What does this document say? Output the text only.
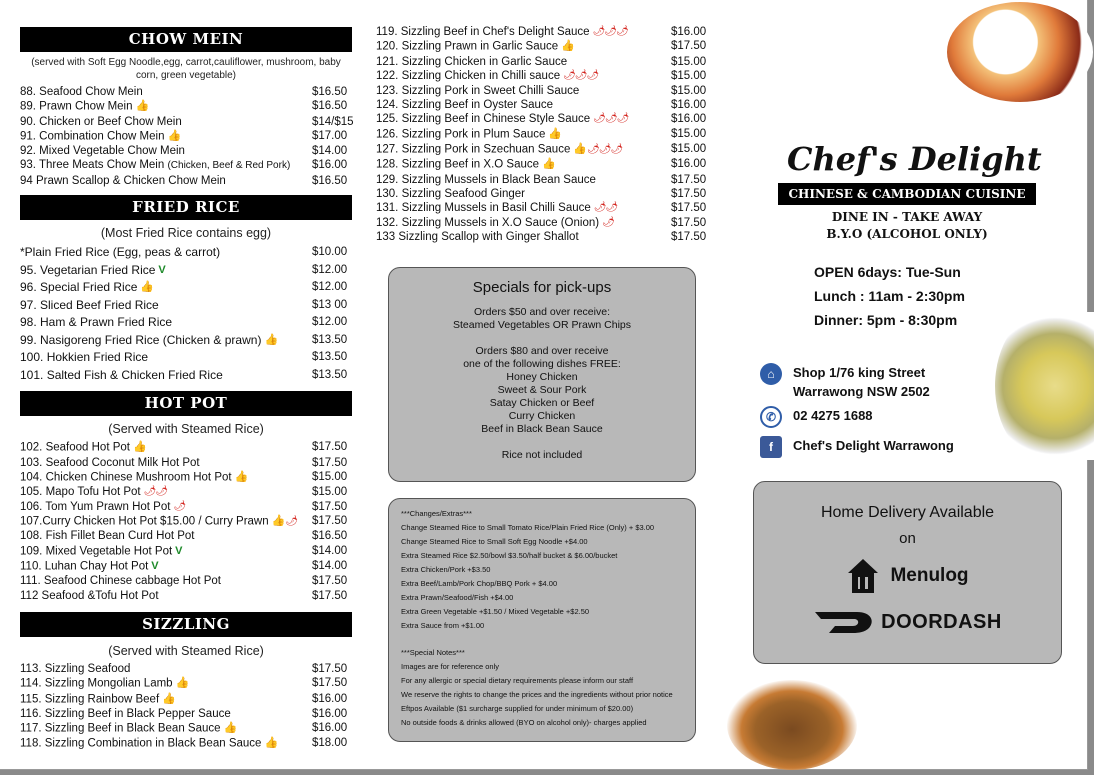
CHOW MEIN
(served with Soft Egg Noodle,egg, carrot,cauliflower, mushroom, baby corn, green vegetable)
88. Seafood Chow Mein	$16.50
89. Prawn Chow Mein 👍	$16.50
90. Chicken or Beef Chow Mein	$14/$15
91. Combination Chow Mein 👍	$17.00
92. Mixed Vegetable Chow Mein	$14.00
93. Three Meats Chow Mein (Chicken, Beef & Red Pork) $16.00
94 Prawn Scallop & Chicken Chow Mein	$16.50
FRIED RICE
(Most Fried Rice contains egg)
*Plain Fried Rice (Egg, peas & carrot)	$10.00
95. Vegetarian Fried Rice V	$12.00
96. Special Fried Rice 👍	$12.00
97. Sliced Beef Fried Rice	$13 00
98. Ham & Prawn Fried Rice	$12.00
99. Nasigoreng Fried Rice (Chicken & prawn) 👍	$13.50
100. Hokkien Fried Rice	$13.50
101. Salted Fish & Chicken Fried Rice	$13.50
HOT POT
(Served with Steamed Rice)
102. Seafood Hot Pot 👍	$17.50
103. Seafood Coconut Milk Hot Pot	$17.50
104. Chicken Chinese Mushroom Hot Pot 👍	$15.00
105. Mapo Tofu Hot Pot 🌶🌶	$15.00
106. Tom Yum Prawn Hot Pot 🌶	$17.50
107.Curry Chicken Hot Pot $15.00 / Curry Prawn 👍🌶 $17.50
108. Fish Fillet Bean Curd Hot Pot	$16.50
109. Mixed Vegetable Hot Pot V	$14.00
110. Luhan Chay Hot Pot V	$14.00
111. Seafood Chinese cabbage Hot Pot	$17.50
112 Seafood &Tofu Hot Pot	$17.50
SIZZLING
(Served with Steamed Rice)
113. Sizzling Seafood	$17.50
114. Sizzling Mongolian Lamb 👍	$17.50
115. Sizzling Rainbow Beef 👍	$16.00
116. Sizzling Beef in Black Pepper Sauce	$16.00
117. Sizzling Beef in Black Bean Sauce 👍	$16.00
118. Sizzling Combination in Black Bean Sauce 👍	$18.00
119. Sizzling Beef in Chef's Delight Sauce 🌶🌶🌶	$16.00
120. Sizzling Prawn in Garlic Sauce 👍	$17.50
121. Sizzling Chicken in Garlic Sauce	$15.00
122. Sizzling Chicken in Chilli sauce 🌶🌶🌶	$15.00
123. Sizzling Pork in Sweet Chilli Sauce	$15.00
124. Sizzling Beef in Oyster Sauce	$16.00
125. Sizzling Beef in Chinese Style Sauce 🌶🌶🌶	$16.00
126. Sizzling Pork in Plum Sauce 👍	$15.00
127. Sizzling Pork in Szechuan Sauce 👍🌶🌶🌶	$15.00
128. Sizzling Beef in X.O Sauce 👍	$16.00
129. Sizzling Mussels in Black Bean Sauce	$17.50
130. Sizzling Seafood Ginger	$17.50
131. Sizzling Mussels in Basil Chilli Sauce 🌶🌶	$17.50
132. Sizzling Mussels in X.O Sauce (Onion) 🌶	$17.50
133 Sizzling Scallop with Ginger Shallot	$17.50
Specials for pick-ups
Orders $50 and over receive:
Steamed Vegetables OR Prawn Chips
Orders $80 and over receive
one of the following dishes FREE:
Honey Chicken
Sweet & Sour Pork
Satay Chicken or Beef
Curry Chicken
Beef in Black Bean Sauce
Rice not included
***Changes/Extras***
Change Steamed Rice to Small Tomato Rice/Plain Fried Rice (Only) + $3.00
Change Steamed Rice to Small Soft Egg Noodle +$4.00
Extra Steamed Rice $2.50/bowl $3.50/half bucket & $6.00/bucket
Extra Chicken/Pork +$3.50
Extra Beef/Lamb/Pork Chop/BBQ Pork + $4.00
Extra Prawn/Seafood/Fish +$4.00
Extra Green Vegetable +$1.50 / Mixed Vegetable +$2.50
Extra Sauce from +$1.00
***Special Notes***
Images are for reference only
For any allergic or special dietary requirements please inform our staff
We reserve the rights to change the prices and the ingredients without prior notice
Eftpos Available ($1 surcharge supplied for under minimum of $20.00)
No outside foods & drinks allowed (BYO on alcohol only)- charges applied
Chef's Delight
CHINESE & CAMBODIAN CUISINE
DINE IN - TAKE AWAY
B.Y.O (ALCOHOL ONLY)
OPEN 6days: Tue-Sun
Lunch : 11am - 2:30pm
Dinner: 5pm - 8:30pm
⌂	Shop 1/76 king Street
Warrawong NSW 2502
✆	02 4275 1688
f	Chef's Delight Warrawong
Home Delivery Available
on
Menulog
DOORDASH
